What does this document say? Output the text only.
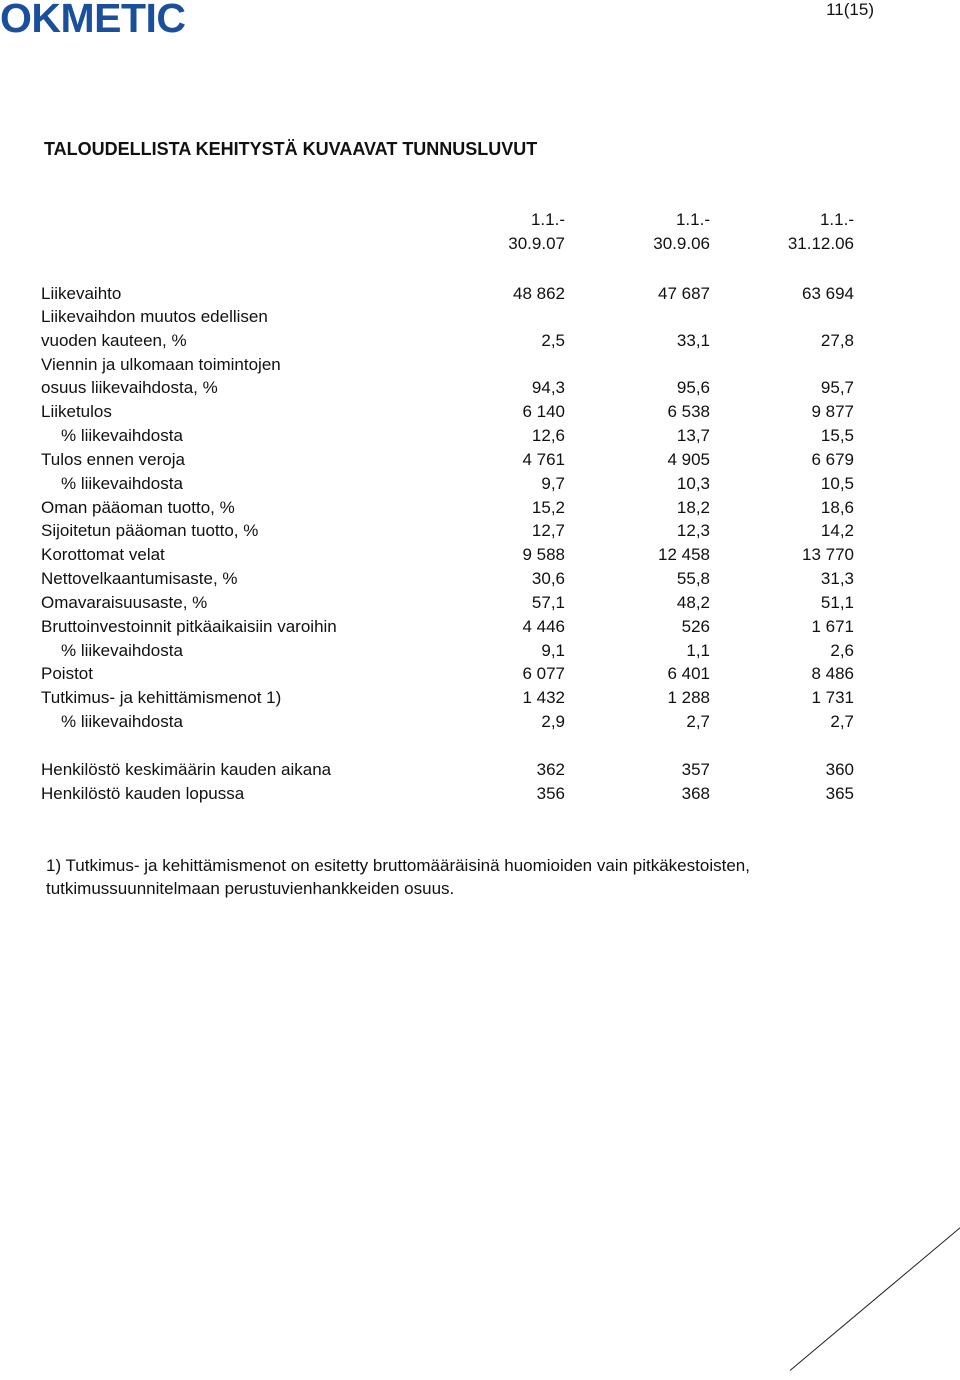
OKMETIC	11(15)
TALOUDELLISTA KEHITYSTÄ KUVAAVAT TUNNUSLUVUT
1.1.-	1.1.-	1.1.-
30.9.07	30.9.06	31.12.06
Liikevaihto	48 862	47 687	63 694
Liikevaihdon muutos edellisen
vuoden kauteen, %	2,5	33,1	27,8
Viennin ja ulkomaan toimintojen
osuus liikevaihdosta, %	94,3	95,6	95,7
Liiketulos	6 140	6 538	9 877
% liikevaihdosta	12,6	13,7	15,5
Tulos ennen veroja	4 761	4 905	6 679
% liikevaihdosta	9,7	10,3	10,5
Oman pääoman tuotto, %	15,2	18,2	18,6
Sijoitetun pääoman tuotto, %	12,7	12,3	14,2
Korottomat velat	9 588	12 458	13 770
Nettovelkaantumisaste, %	30,6	55,8	31,3
Omavaraisuusaste, %	57,1	48,2	51,1
Bruttoinvestoinnit pitkäaikaisiin varoihin	4 446	526	1 671
% liikevaihdosta	9,1	1,1	2,6
Poistot	6 077	6 401	8 486
Tutkimus- ja kehittämismenot 1)	1 432	1 288	1 731
% liikevaihdosta	2,9	2,7	2,7
Henkilöstö keskimäärin kauden aikana	362	357	360
Henkilöstö kauden lopussa	356	368	365
1) Tutkimus- ja kehittämismenot on esitetty bruttomääräisinä huomioiden vain pitkäkestoisten,
tutkimussuunnitelmaan perustuvienhankkeiden osuus.
